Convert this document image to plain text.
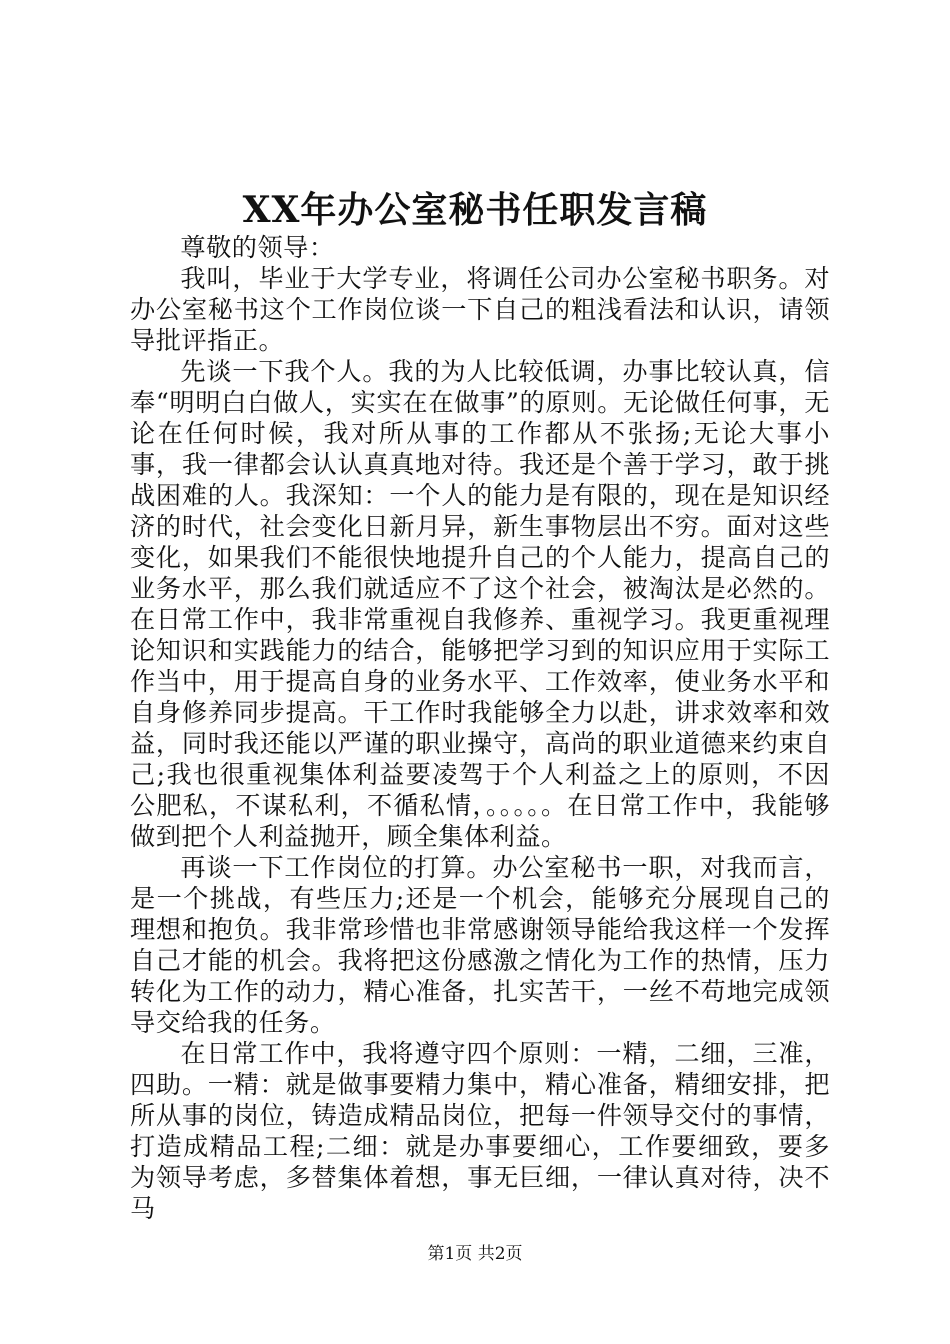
XX年办公室秘书任职发言稿

尊敬的领导：

我叫，毕业于大学专业，将调任公司办公室秘书职务。对办公室秘书这个工作岗位谈一下自己的粗浅看法和认识，请领导批评指正。

先谈一下我个人。我的为人比较低调，办事比较认真，信奉“明明白白做人，实实在在做事”的原则。无论做任何事，无论在任何时候，我对所从事的工作都从不张扬;无论大事小事，我一律都会认认真真地对待。我还是个善于学习，敢于挑战困难的人。我深知：一个人的能力是有限的，现在是知识经济的时代，社会变化日新月异，新生事物层出不穷。面对这些变化，如果我们不能很快地提升自己的个人能力，提高自己的业务水平，那么我们就适应不了这个社会，被淘汰是必然的。在日常工作中，我非常重视自我修养、重视学习。我更重视理论知识和实践能力的结合，能够把学习到的知识应用于实际工作当中，用于提高自身的业务水平、工作效率，使业务水平和自身修养同步提高。干工作时我能够全力以赴，讲求效率和效益，同时我还能以严谨的职业操守，高尚的职业道德来约束自己;我也很重视集体利益要凌驾于个人利益之上的原则，不因公肥私，不谋私利，不循私情，。。。。。在日常工作中，我能够做到把个人利益抛开，顾全集体利益。

再谈一下工作岗位的打算。办公室秘书一职，对我而言，是一个挑战，有些压力;还是一个机会，能够充分展现自己的理想和抱负。我非常珍惜也非常感谢领导能给我这样一个发挥自己才能的机会。我将把这份感激之情化为工作的热情，压力转化为工作的动力，精心准备，扎实苦干，一丝不苟地完成领导交给我的任务。

在日常工作中，我将遵守四个原则：一精，二细，三准，四助。一精：就是做事要精力集中，精心准备，精细安排，把所从事的岗位，铸造成精品岗位，把每一件领导交付的事情，打造成精品工程;二细：就是办事要细心，工作要细致，要多为领导考虑，多替集体着想，事无巨细，一律认真对待，决不马

第1页 共2页
